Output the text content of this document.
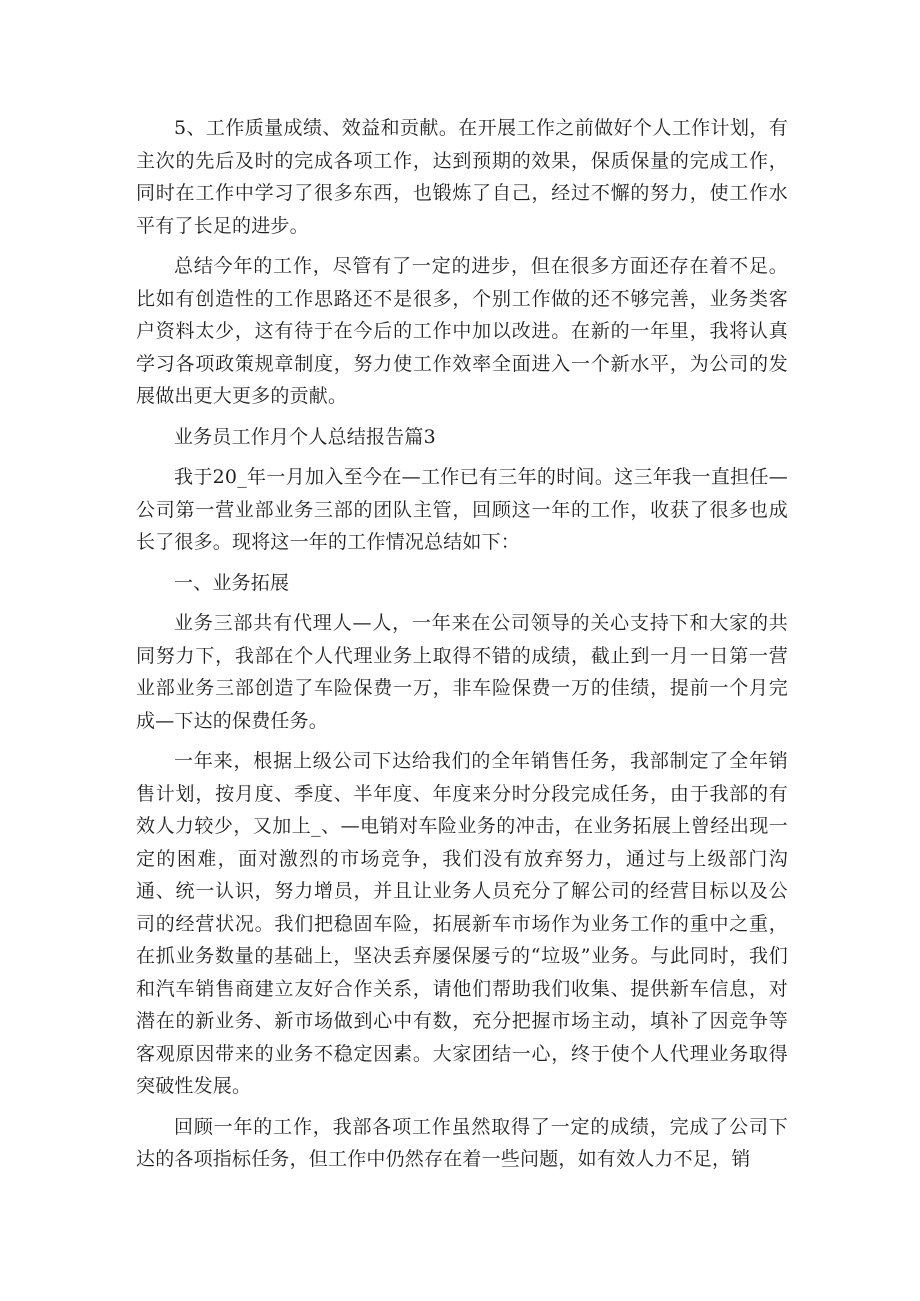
5、工作质量成绩、效益和贡献。在开展工作之前做好个人工作计划，有主次的先后及时的完成各项工作，达到预期的效果，保质保量的完成工作，同时在工作中学习了很多东西，也锻炼了自己，经过不懈的努力，使工作水平有了长足的进步。

总结今年的工作，尽管有了一定的进步，但在很多方面还存在着不足。比如有创造性的工作思路还不是很多，个别工作做的还不够完善，业务类客户资料太少，这有待于在今后的工作中加以改进。在新的一年里，我将认真学习各项政策规章制度，努力使工作效率全面进入一个新水平，为公司的发展做出更大更多的贡献。

业务员工作月个人总结报告篇3

我于20_年一月加入至今在—工作已有三年的时间。这三年我一直担任—公司第一营业部业务三部的团队主管，回顾这一年的工作，收获了很多也成长了很多。现将这一年的工作情况总结如下：

一、业务拓展

业务三部共有代理人—人，一年来在公司领导的关心支持下和大家的共同努力下，我部在个人代理业务上取得不错的成绩，截止到一月一日第一营业部业务三部创造了车险保费一万，非车险保费一万的佳绩，提前一个月完成—下达的保费任务。

一年来，根据上级公司下达给我们的全年销售任务，我部制定了全年销售计划，按月度、季度、半年度、年度来分时分段完成任务，由于我部的有效人力较少，又加上_、—电销对车险业务的冲击，在业务拓展上曾经出现一定的困难，面对激烈的市场竞争，我们没有放弃努力，通过与上级部门沟通、统一认识，努力增员，并且让业务人员充分了解公司的经营目标以及公司的经营状况。我们把稳固车险，拓展新车市场作为业务工作的重中之重，在抓业务数量的基础上，坚决丢弃屡保屡亏的“垃圾”业务。与此同时，我们和汽车销售商建立友好合作关系，请他们帮助我们收集、提供新车信息，对潜在的新业务、新市场做到心中有数，充分把握市场主动，填补了因竞争等客观原因带来的业务不稳定因素。大家团结一心，终于使个人代理业务取得突破性发展。

回顾一年的工作，我部各项工作虽然取得了一定的成绩，完成了公司下达的各项指标任务，但工作中仍然存在着一些问题，如有效人力不足，销
